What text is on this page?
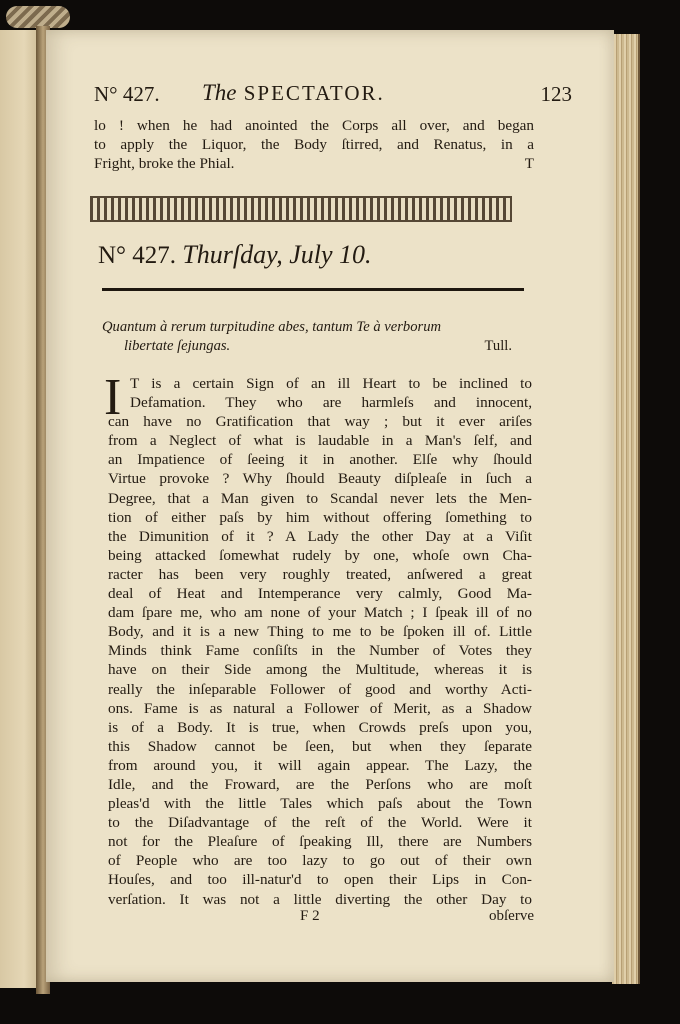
N° 427. The SPECTATOR.	123
lo ! when he had anointed the Corps all over, and began
to apply the Liquor, the Body ſtirred, and Renatus, in a
Fright, broke the Phial.	T
N° 427. Thurſday, July 10.
Quantum à rerum turpitudine abes, tantum Te à verborum
libertate ſejungas.	Tull.
I T is a certain Sign of an ill Heart to be inclined to
Defamation. They who are harmleſs and innocent,
can have no Gratification that way ; but it ever ariſes
from a Neglect of what is laudable in a Man's ſelf, and
an Impatience of ſeeing it in another. Elſe why ſhould
Virtue provoke ? Why ſhould Beauty diſpleaſe in ſuch a
Degree, that a Man given to Scandal never lets the Men-
tion of either paſs by him without offering ſomething to
the Dimunition of it ? A Lady the other Day at a Viſit
being attacked ſomewhat rudely by one, whoſe own Cha-
racter has been very roughly treated, anſwered a great
deal of Heat and Intemperance very calmly, Good Ma-
dam ſpare me, who am none of your Match ; I ſpeak ill of no
Body, and it is a new Thing to me to be ſpoken ill of. Little
Minds think Fame conſiſts in the Number of Votes they
have on their Side among the Multitude, whereas it is
really the inſeparable Follower of good and worthy Acti-
ons. Fame is as natural a Follower of Merit, as a Shadow
is of a Body. It is true, when Crowds preſs upon you,
this Shadow cannot be ſeen, but when they ſeparate
from around you, it will again appear. The Lazy, the
Idle, and the Froward, are the Perſons who are moſt
pleas'd with the little Tales which paſs about the Town
to the Diſadvantage of the reſt of the World. Were it
not for the Pleaſure of ſpeaking Ill, there are Numbers
of People who are too lazy to go out of their own
Houſes, and too ill-natur'd to open their Lips in Con-
verſation. It was not a little diverting the other Day to
F 2	obſerve
